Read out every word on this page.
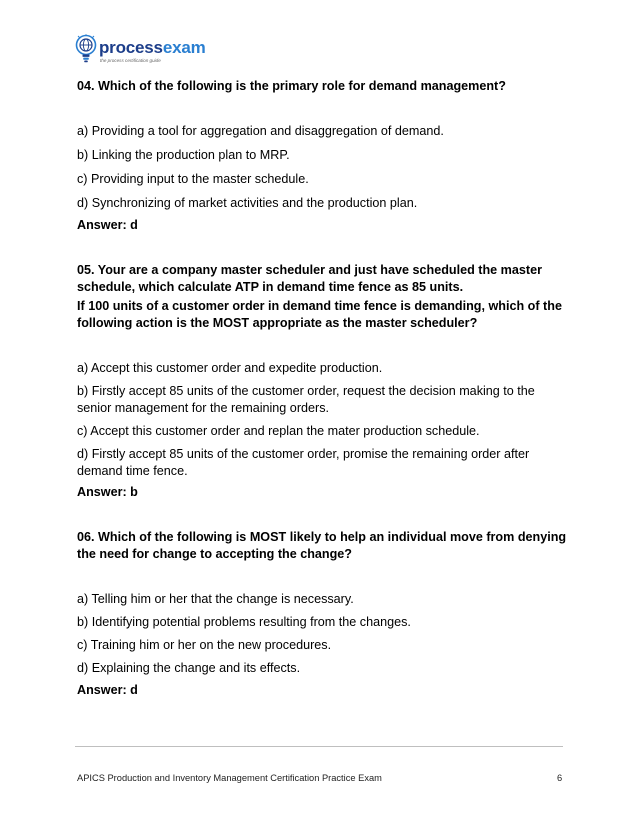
processexam
the process certification guide
04. Which of the following is the primary role for demand management?
a) Providing a tool for aggregation and disaggregation of demand.
b) Linking the production plan to MRP.
c) Providing input to the master schedule.
d) Synchronizing of market activities and the production plan.
Answer: d
05. Your are a company master scheduler and just have scheduled the master schedule, which calculate ATP in demand time fence as 85 units.
If 100 units of a customer order in demand time fence is demanding, which of the following action is the MOST appropriate as the master scheduler?
a) Accept this customer order and expedite production.
b) Firstly accept 85 units of the customer order, request the decision making to the senior management for the remaining orders.
c) Accept this customer order and replan the mater production schedule.
d) Firstly accept 85 units of the customer order, promise the remaining order after demand time fence.
Answer: b
06. Which of the following is MOST likely to help an individual move from denying the need for change to accepting the change?
a) Telling him or her that the change is necessary.
b) Identifying potential problems resulting from the changes.
c) Training him or her on the new procedures.
d) Explaining the change and its effects.
Answer: d
APICS Production and Inventory Management Certification Practice Exam	6
